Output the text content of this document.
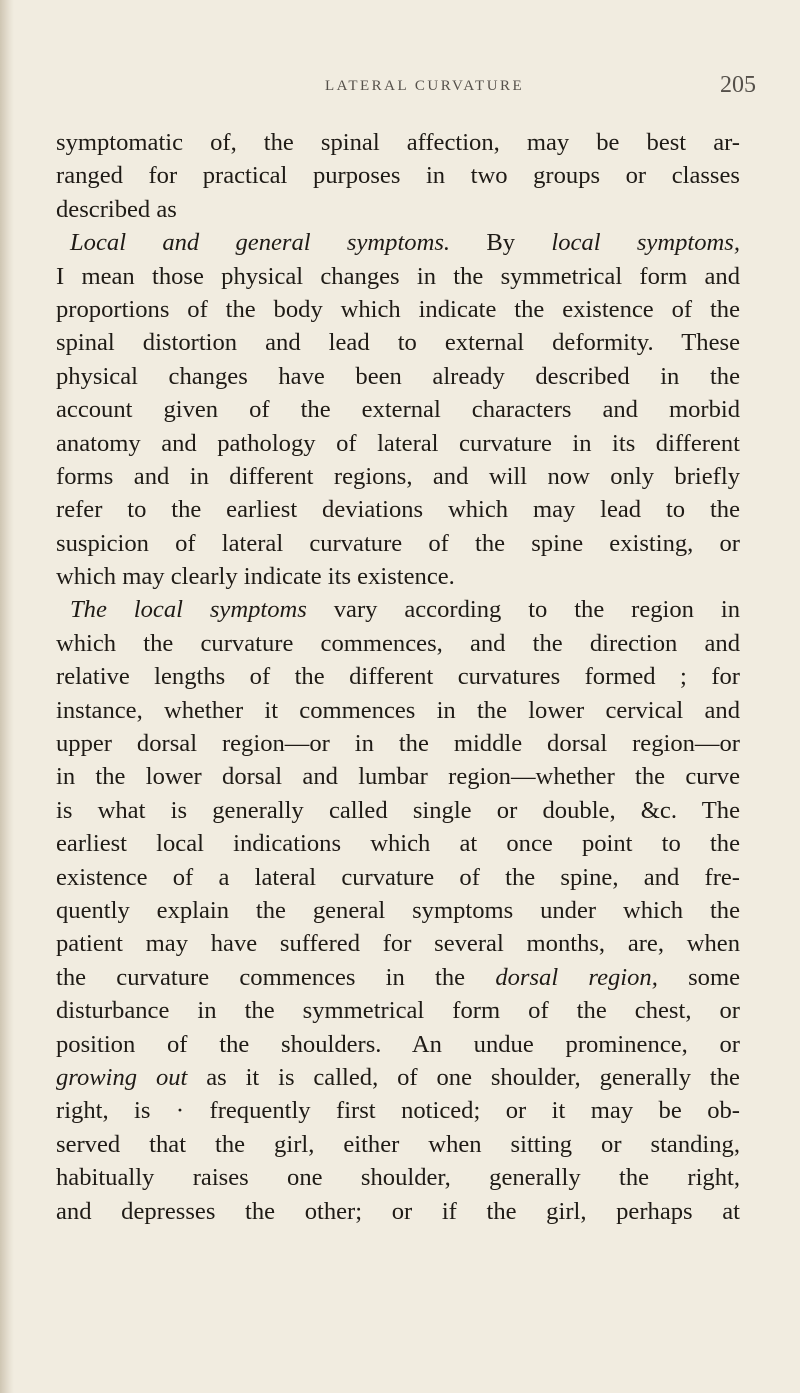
LATERAL CURVATURE	205
symptomatic of, the spinal affection, may be best ar-
ranged for practical purposes in two groups or classes
described as
Local and general symptoms. By local symptoms,
I mean those physical changes in the symmetrical form and
proportions of the body which indicate the existence of the
spinal distortion and lead to external deformity. These
physical changes have been already described in the
account given of the external characters and morbid
anatomy and pathology of lateral curvature in its different
forms and in different regions, and will now only briefly
refer to the earliest deviations which may lead to the
suspicion of lateral curvature of the spine existing, or
which may clearly indicate its existence.
The local symptoms vary according to the region in
which the curvature commences, and the direction and
relative lengths of the different curvatures formed ; for
instance, whether it commences in the lower cervical and
upper dorsal region—or in the middle dorsal region—or
in the lower dorsal and lumbar region—whether the curve
is what is generally called single or double, &c. The
earliest local indications which at once point to the
existence of a lateral curvature of the spine, and fre-
quently explain the general symptoms under which the
patient may have suffered for several months, are, when
the curvature commences in the dorsal region, some
disturbance in the symmetrical form of the chest, or
position of the shoulders. An undue prominence, or
growing out as it is called, of one shoulder, generally the
right, is · frequently first noticed; or it may be ob-
served that the girl, either when sitting or standing,
habitually raises one shoulder, generally the right,
and depresses the other; or if the girl, perhaps at
